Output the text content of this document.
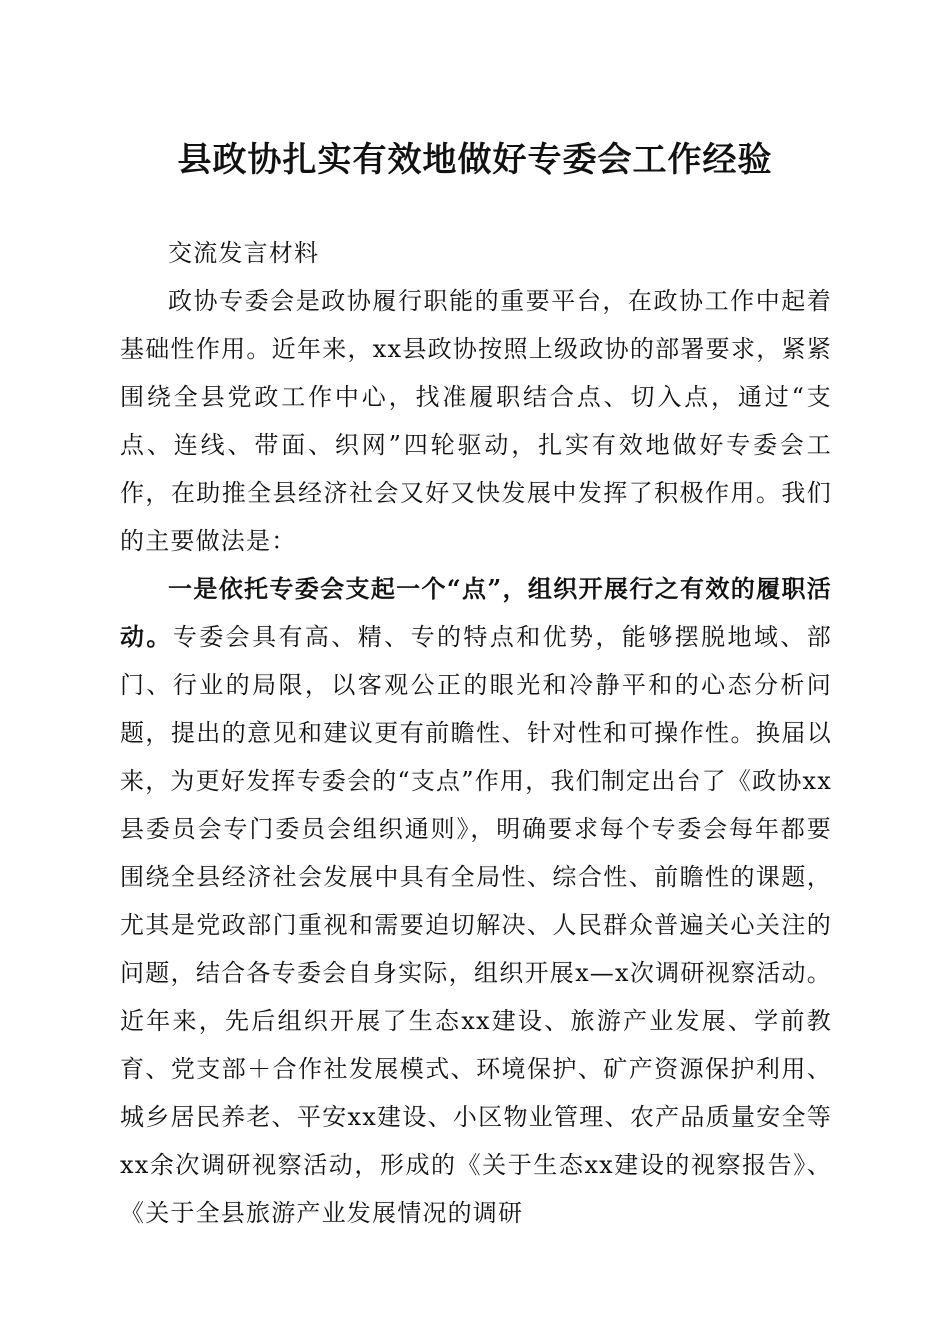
县政协扎实有效地做好专委会工作经验

交流发言材料

政协专委会是政协履行职能的重要平台，在政协工作中起着基础性作用。近年来，xx县政协按照上级政协的部署要求，紧紧围绕全县党政工作中心，找准履职结合点、切入点，通过“支点、连线、带面、织网”四轮驱动，扎实有效地做好专委会工作，在助推全县经济社会又好又快发展中发挥了积极作用。我们的主要做法是：

一是依托专委会支起一个“点”，组织开展行之有效的履职活动。专委会具有高、精、专的特点和优势，能够摆脱地域、部门、行业的局限，以客观公正的眼光和冷静平和的心态分析问题，提出的意见和建议更有前瞻性、针对性和可操作性。换届以来，为更好发挥专委会的“支点”作用，我们制定出台了《政协xx县委员会专门委员会组织通则》，明确要求每个专委会每年都要围绕全县经济社会发展中具有全局性、综合性、前瞻性的课题，尤其是党政部门重视和需要迫切解决、人民群众普遍关心关注的问题，结合各专委会自身实际，组织开展x—x次调研视察活动。近年来，先后组织开展了生态xx建设、旅游产业发展、学前教育、党支部＋合作社发展模式、环境保护、矿产资源保护利用、城乡居民养老、平安xx建设、小区物业管理、农产品质量安全等xx余次调研视察活动，形成的《关于生态xx建设的视察报告》、《关于全县旅游产业发展情况的调研
